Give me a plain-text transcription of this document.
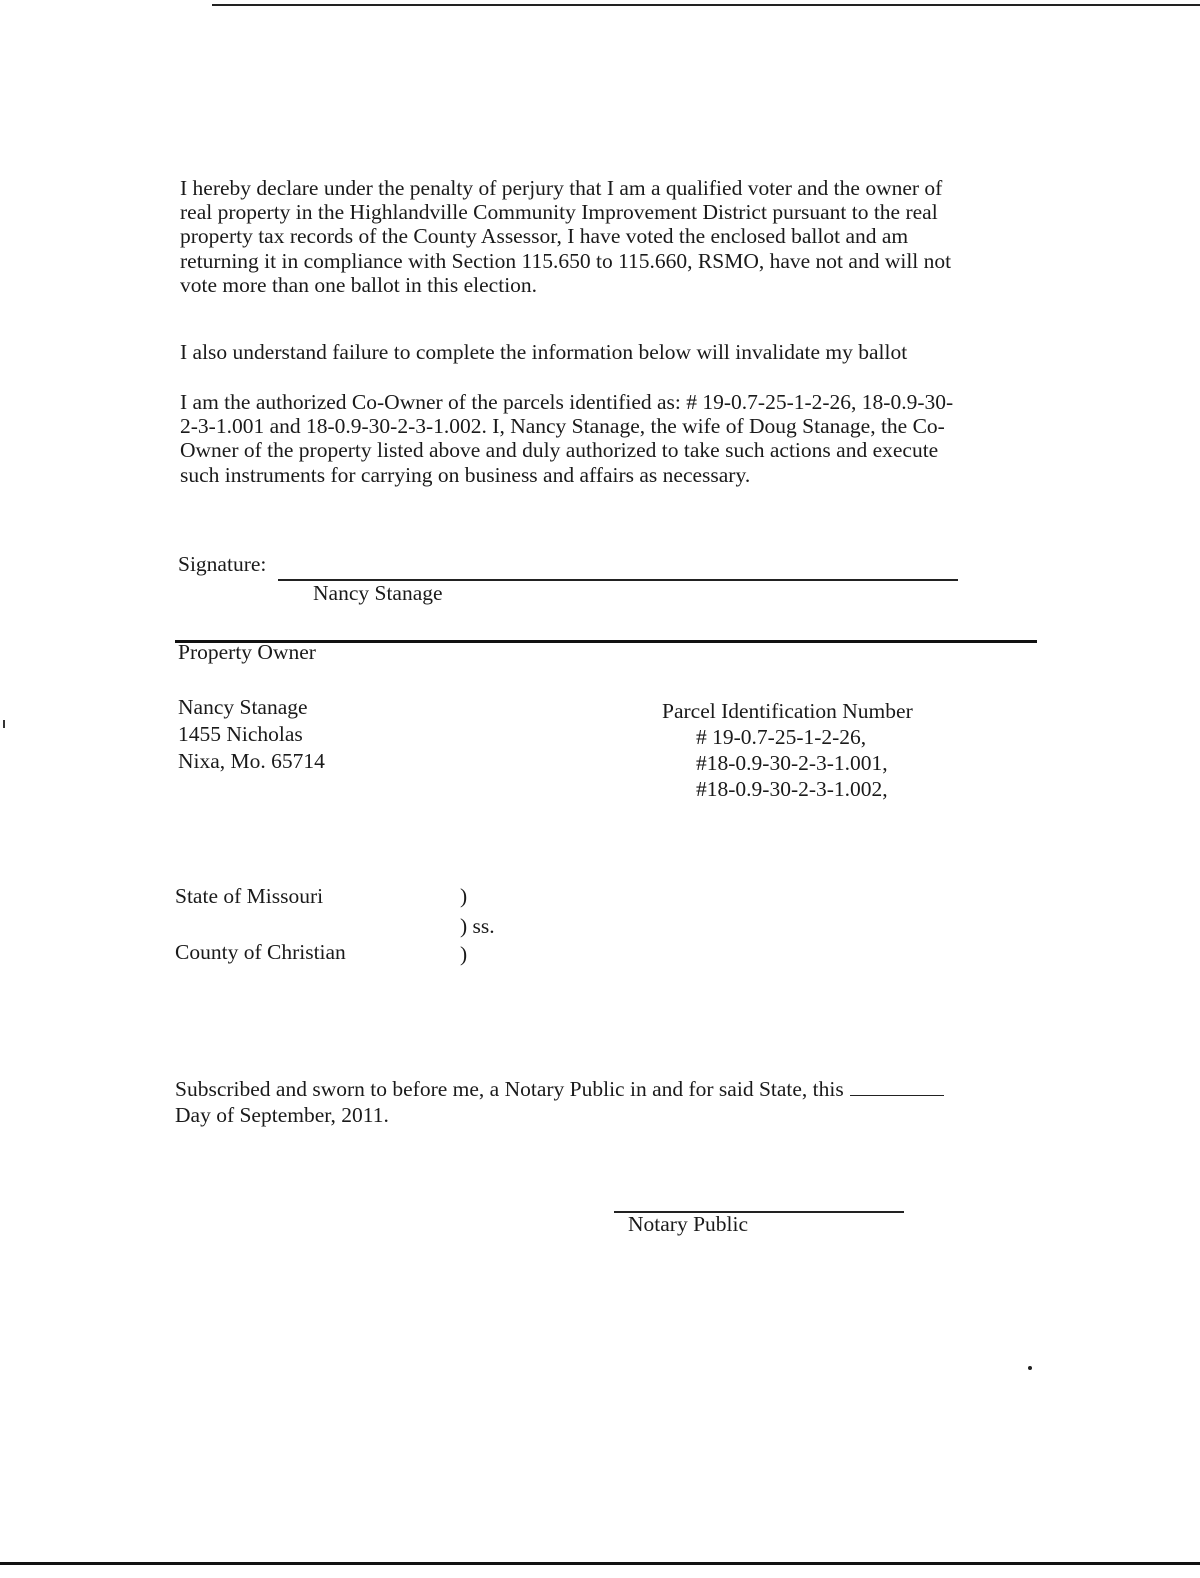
I hereby declare under the penalty of perjury that I am a qualified voter and the owner of
real property in the Highlandville Community Improvement District pursuant to the real
property tax records of the County Assessor, I have voted the enclosed ballot and am
returning it in compliance with Section 115.650 to 115.660, RSMO, have not and will not
vote more than one ballot in this election.
I also understand failure to complete the information below will invalidate my ballot
I am the authorized Co-Owner of the parcels identified as: # 19-0.7-25-1-2-26, 18-0.9-30-
2-3-1.001 and 18-0.9-30-2-3-1.002. I, Nancy Stanage, the wife of Doug Stanage, the Co-
Owner of the property listed above and duly authorized to take such actions and execute
such instruments for carrying on business and affairs as necessary.
Signature:
Nancy Stanage
Property Owner
Nancy Stanage
1455 Nicholas
Nixa, Mo. 65714
Parcel Identification Number
# 19-0.7-25-1-2-26,
#18-0.9-30-2-3-1.001,
#18-0.9-30-2-3-1.002,
State of Missouri
County of Christian
)
) ss.
)
Subscribed and sworn to before me, a Notary Public in and for said State, this
Day of September, 2011.
Notary Public
